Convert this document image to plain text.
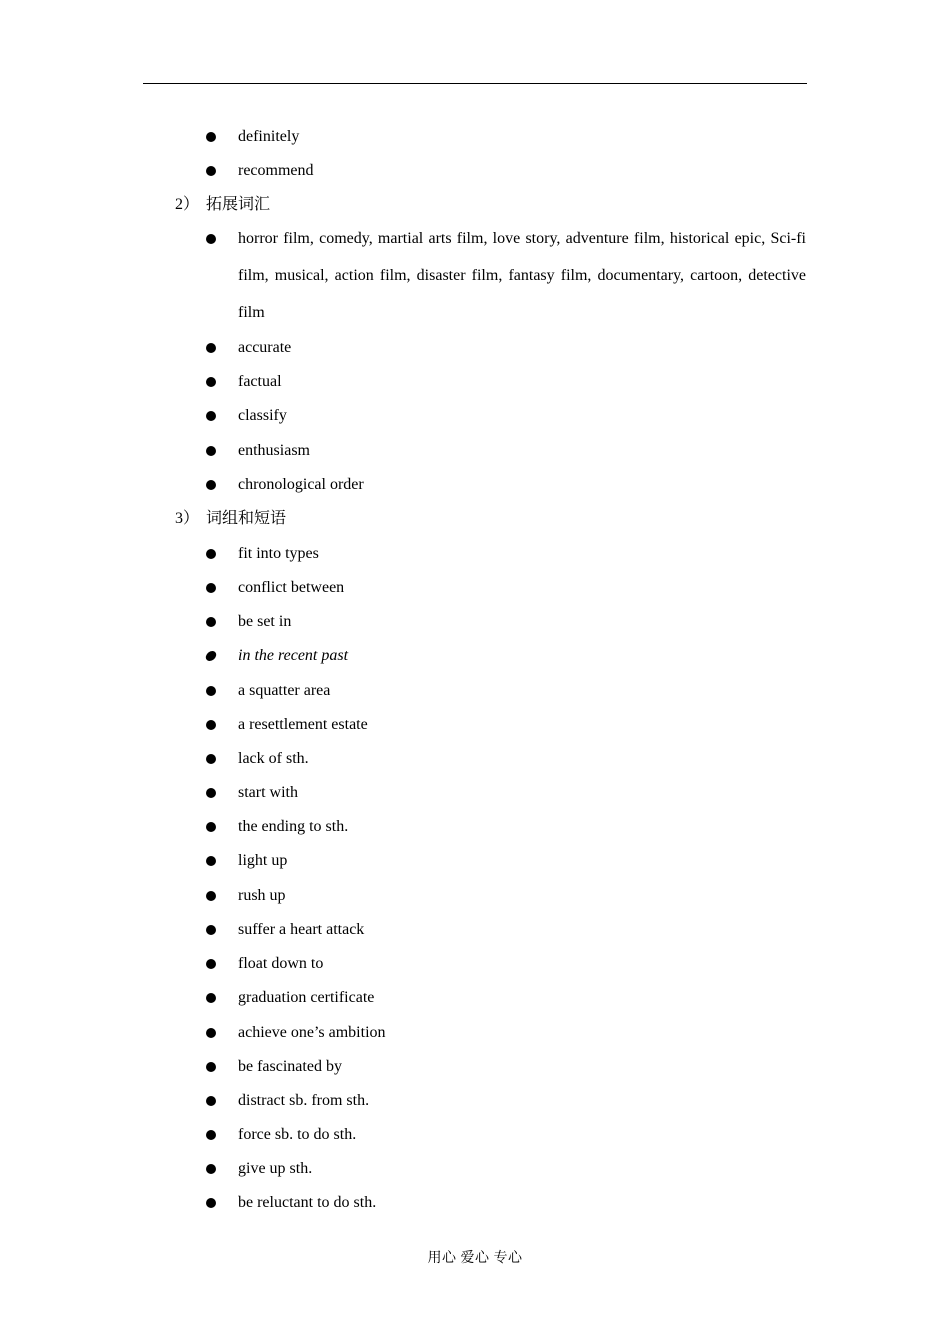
definitely
recommend
2） 拓展词汇
horror film, comedy, martial arts film, love story, adventure film, historical epic, Sci-fi film, musical, action film, disaster film, fantasy film, documentary, cartoon, detective film
accurate
factual
classify
enthusiasm
chronological order
3） 词组和短语
fit into types
conflict between
be set in
in the recent past
a squatter area
a resettlement estate
lack of sth.
start with
the ending to sth.
light up
rush up
suffer a heart attack
float down to
graduation certificate
achieve one’s ambition
be fascinated by
distract sb. from sth.
force sb. to do sth.
give up sth.
be reluctant to do sth.
用心 爱心 专心
